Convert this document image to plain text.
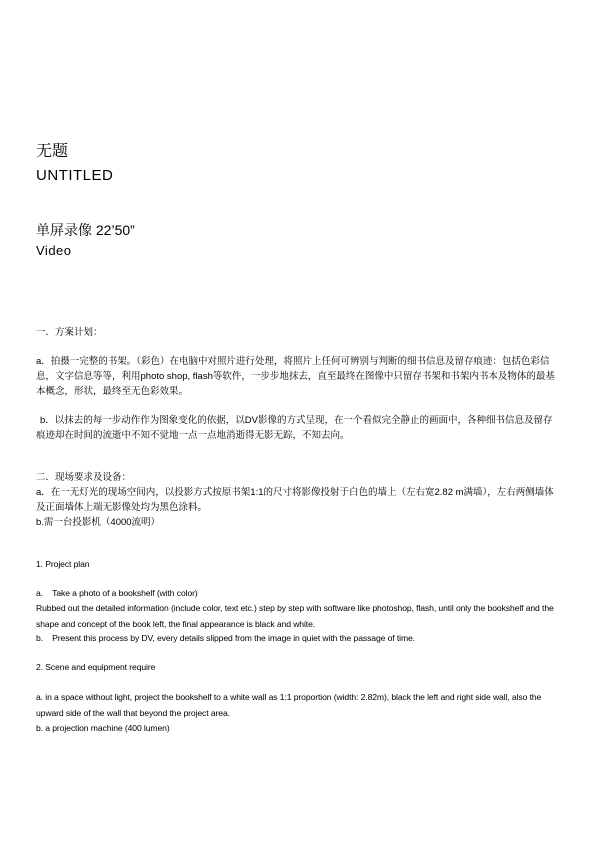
无题
UNTITLED
单屏录像 22’50”
Video
一．方案计划：
a．拍摄一完整的书架。（彩色）在电脑中对照片进行处理，将照片上任何可辨别与判断的细书信息及留存痕迹：包括色彩信息，文字信息等等，利用photo shop, flash等软件，一步步地抹去，直至最终在图像中只留存书架和书架内书本及物体的最基本概念，形状，最终至无色彩效果。
b．以抹去的每一步动作作为图象变化的依据，以DV影像的方式呈现，在一个看似完全静止的画面中，各种细书信息及留存痕迹却在时间的流逝中不知不觉地一点一点地消逝得无影无踪，不知去向。
二．现场要求及设备：
a．在一无灯光的现场空间内，以投影方式按原书架1:1的尺寸将影像投射于白色的墙上（左右宽2.82 m满墙），左右两侧墙体及正面墙体上端无影像处均为黑色涂料。
b.需一台投影机（4000流明）
1. Project plan
a. Take a photo of a bookshelf (with color)
Rubbed out the detailed information (include color, text etc.) step by step with software like photoshop, flash, until only the bookshelf and the shape and concept of the book left, the final appearance is black and white.
b. Present this process by DV, every details slipped from the image in quiet with the passage of time.
2. Scene and equipment require
a. in a space without light, project the bookshelf to a white wall as 1:1 proportion (width: 2.82m), black the left and right side wall, also the upward side of the wall that beyond the project area.
b. a projection machine (400 lumen)
